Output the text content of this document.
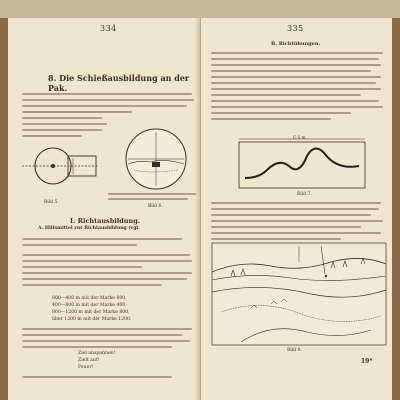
334
8. Die Schießausbildung an der Pak.
Bild 5.
Bild 6.
I. Richtausbildung.
A. Hilfsmittel zur Richtausbildung (vgl.
800—400 m mit der Marke 800,
400—800 m mit der Marke 400,
800—1200 m mit der Marke 800,
über 1200 m mit der Marke 1200.
Ziel anspannen!
Zielt auf!
Feuer!
335
B. Richtübungen.
E.S.m.
Bild 7.
Bild 8.
19*
